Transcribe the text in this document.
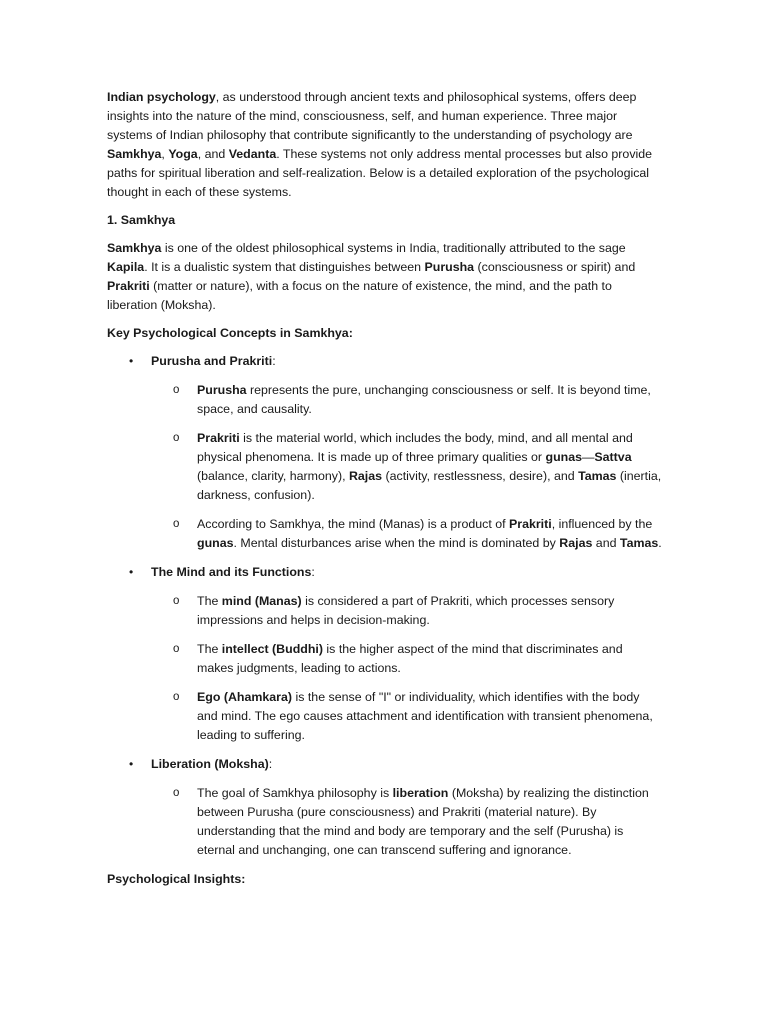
Indian psychology, as understood through ancient texts and philosophical systems, offers deep insights into the nature of the mind, consciousness, self, and human experience. Three major systems of Indian philosophy that contribute significantly to the understanding of psychology are Samkhya, Yoga, and Vedanta. These systems not only address mental processes but also provide paths for spiritual liberation and self-realization. Below is a detailed exploration of the psychological thought in each of these systems.

1. Samkhya

Samkhya is one of the oldest philosophical systems in India, traditionally attributed to the sage Kapila. It is a dualistic system that distinguishes between Purusha (consciousness or spirit) and Prakriti (matter or nature), with a focus on the nature of existence, the mind, and the path to liberation (Moksha).

Key Psychological Concepts in Samkhya:

• Purusha and Prakriti:
o Purusha represents the pure, unchanging consciousness or self. It is beyond time, space, and causality.
o Prakriti is the material world, which includes the body, mind, and all mental and physical phenomena. It is made up of three primary qualities or gunas—Sattva (balance, clarity, harmony), Rajas (activity, restlessness, desire), and Tamas (inertia, darkness, confusion).
o According to Samkhya, the mind (Manas) is a product of Prakriti, influenced by the gunas. Mental disturbances arise when the mind is dominated by Rajas and Tamas.
• The Mind and its Functions:
o The mind (Manas) is considered a part of Prakriti, which processes sensory impressions and helps in decision-making.
o The intellect (Buddhi) is the higher aspect of the mind that discriminates and makes judgments, leading to actions.
o Ego (Ahamkara) is the sense of "I" or individuality, which identifies with the body and mind. The ego causes attachment and identification with transient phenomena, leading to suffering.
• Liberation (Moksha):
o The goal of Samkhya philosophy is liberation (Moksha) by realizing the distinction between Purusha (pure consciousness) and Prakriti (material nature). By understanding that the mind and body are temporary and the self (Purusha) is eternal and unchanging, one can transcend suffering and ignorance.

Psychological Insights:
